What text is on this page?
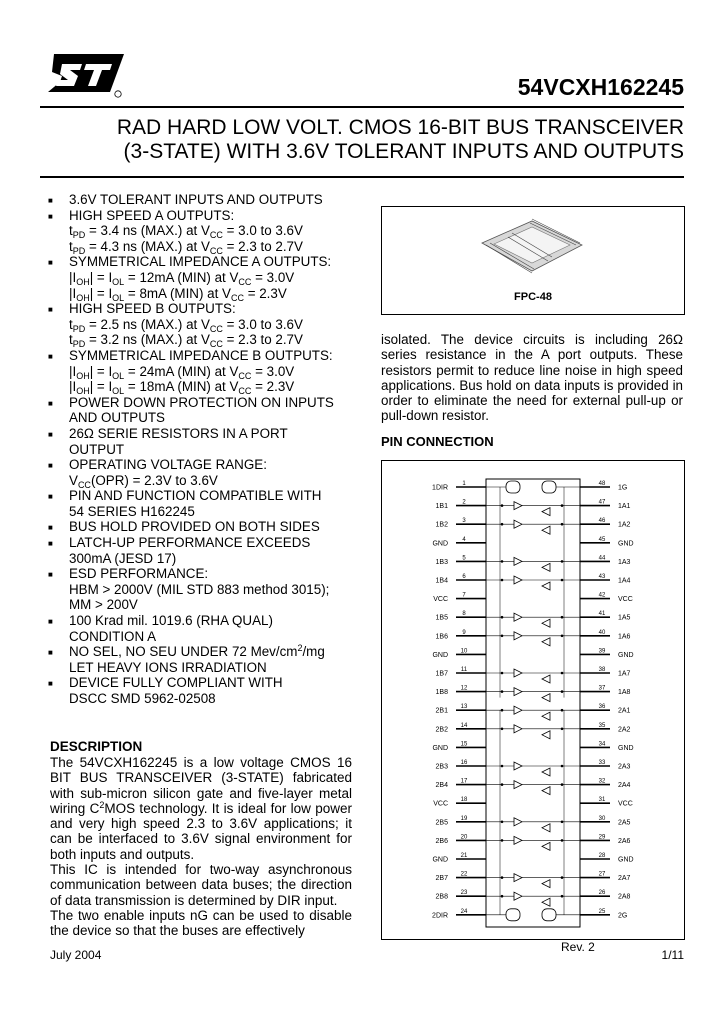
54VCXH162245
RAD HARD LOW VOLT. CMOS 16-BIT BUS TRANSCEIVER
(3-STATE) WITH 3.6V TOLERANT INPUTS AND OUTPUTS
■ 3.6V TOLERANT INPUTS AND OUTPUTS
■ HIGH SPEED A OUTPUTS:
$t_{PD} = 3.4$ ns (MAX.) at $V_{CC} = 3.0$ to 3.6V
$t_{PD} = 4.3$ ns (MAX.) at $V_{CC} = 2.3$ to 2.7V
■ SYMMETRICAL IMPEDANCE A OUTPUTS:
$|I_{OH}| = I_{OL} = 12mA$ (MIN) at $V_{CC} = 3.0V$
$|I_{OH}| = I_{OL} = 8mA$ (MIN) at $V_{CC} = 2.3V$
■ HIGH SPEED B OUTPUTS:
$t_{PD} = 2.5$ ns (MAX.) at $V_{CC} = 3.0$ to 3.6V
$t_{PD} = 3.2$ ns (MAX.) at $V_{CC} = 2.3$ to 2.7V
■ SYMMETRICAL IMPEDANCE B OUTPUTS:
$|I_{OH}| = I_{OL} = 24mA$ (MIN) at $V_{CC} = 3.0V$
$|I_{OH}| = I_{OL} = 18mA$ (MIN) at $V_{CC} = 2.3V$
■ POWER DOWN PROTECTION ON INPUTS
AND OUTPUTS
■ 26Ω SERIE RESISTORS IN A PORT
OUTPUT
■ OPERATING VOLTAGE RANGE:
$V_{CC}(OPR) = 2.3V$ to 3.6V
■ PIN AND FUNCTION COMPATIBLE WITH
54 SERIES H162245
■ BUS HOLD PROVIDED ON BOTH SIDES
■ LATCH-UP PERFORMANCE EXCEEDS
300mA (JESD 17)
■ ESD PERFORMANCE:
HBM > 2000V (MIL STD 883 method 3015);
MM > 200V
■ 100 Krad mil. 1019.6 (RHA QUAL)
CONDITION A
■ NO SEL, NO SEU UNDER 72 Mev/$cm^2/mg$
LET HEAVY IONS IRRADIATION
■ DEVICE FULLY COMPLIANT WITH
DSCC SMD 5962-02508
DESCRIPTION
The 54VCXH162245 is a low voltage CMOS 16 BIT BUS TRANSCEIVER (3-STATE) fabricated with sub-micron silicon gate and five-layer metal wiring $C^2MOS$ technology. It is ideal for low power and very high speed 2.3 to 3.6V applications; it can be interfaced to 3.6V signal environment for both inputs and outputs.
This IC is intended for two-way asynchronous communication between data buses; the direction of data transmission is determined by DIR input.
The two enable inputs nG can be used to disable the device so that the buses are effectively
FPC-48
isolated. The device circuits is including 26Ω series resistance in the A port outputs. These resistors permit to reduce line noise in high speed applications. Bus hold on data inputs is provided in order to eliminate the need for external pull-up or pull-down resistor.
PIN CONNECTION
1	48
1DIR	1G
2	47
1B1	1A1
3	46
1B2	1A2
4	45
GND	GND
5	44
1B3	1A3
6	43
1B4	1A4
7	42
VCC	VCC
8	41
1B5	1A5
9	40
1B6	1A6
10	39
GND	GND
11	38
1B7	1A7
12	37
1B8	1A8
13	36
2B1	2A1
14	35
2B2	2A2
15	34
GND	GND
16	33
2B3	2A3
17	32
2B4	2A4
18	31
VCC	VCC
19	30
2B5	2A5
20	29
2B6	2A6
21	28
GND	GND
22	27
2B7	2A7
23	26
2B8	2A8
24	25
2DIR	2G
July 2004
Rev. 2
1/11
